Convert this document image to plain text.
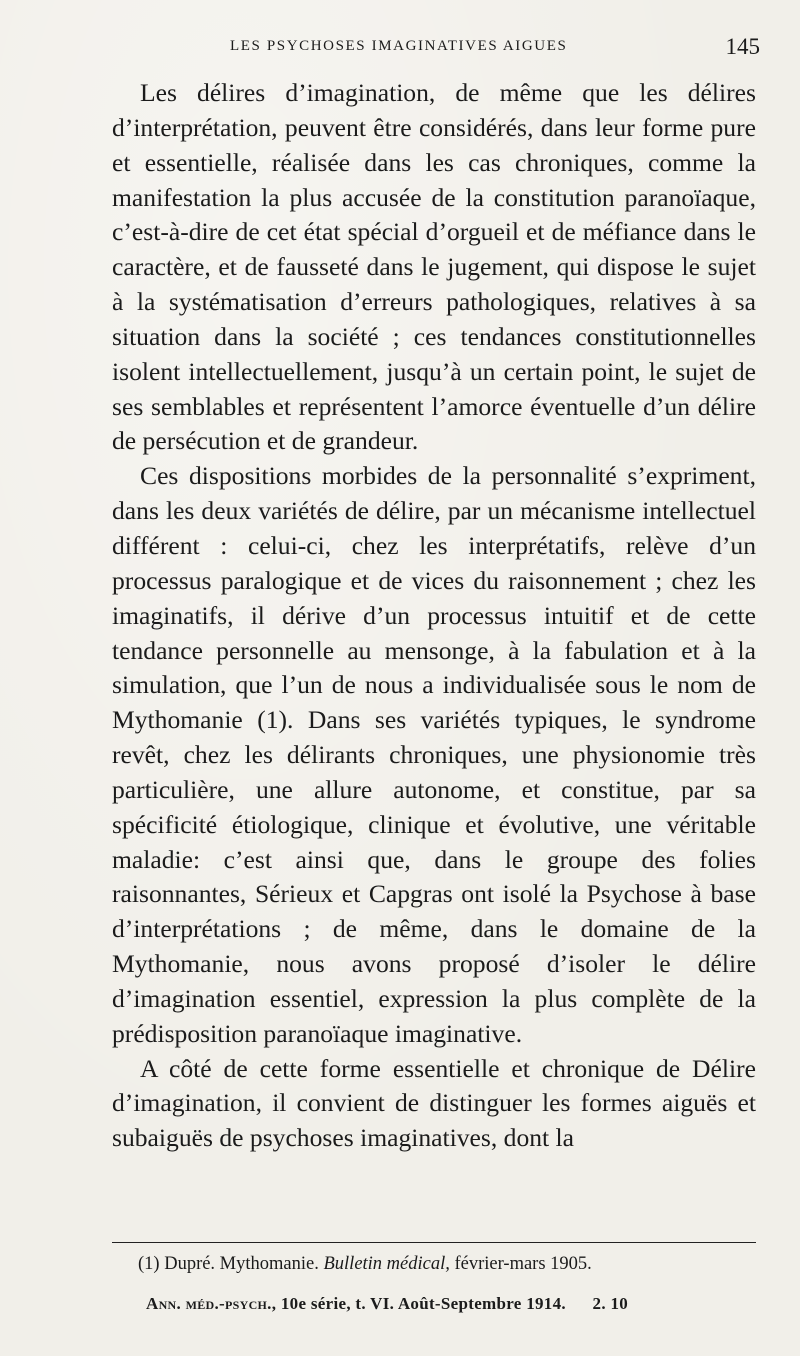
LES PSYCHOSES IMAGINATIVES AIGUES	145

Les délires d’imagination, de même que les délires d’interprétation, peuvent être considérés, dans leur forme pure et essentielle, réalisée dans les cas chroniques, comme la manifestation la plus accusée de la constitution paranoïaque, c’est-à-dire de cet état spécial d’orgueil et de méfiance dans le caractère, et de fausseté dans le jugement, qui dispose le sujet à la systématisation d’erreurs pathologiques, relatives à sa situation dans la société ; ces tendances constitutionnelles isolent intellectuellement, jusqu’à un certain point, le sujet de ses semblables et représentent l’amorce éventuelle d’un délire de persécution et de grandeur.

Ces dispositions morbides de la personnalité s’expriment, dans les deux variétés de délire, par un mécanisme intellectuel différent : celui-ci, chez les interprétatifs, relève d’un processus paralogique et de vices du raisonnement ; chez les imaginatifs, il dérive d’un processus intuitif et de cette tendance personnelle au mensonge, à la fabulation et à la simulation, que l’un de nous a individualisée sous le nom de Mythomanie (1). Dans ses variétés typiques, le syndrome revêt, chez les délirants chroniques, une physionomie très particulière, une allure autonome, et constitue, par sa spécificité étiologique, clinique et évolutive, une véritable maladie: c’est ainsi que, dans le groupe des folies raisonnantes, Sérieux et Capgras ont isolé la Psychose à base d’interprétations ; de même, dans le domaine de la Mythomanie, nous avons proposé d’isoler le délire d’imagination essentiel, expression la plus complète de la prédisposition paranoïaque imaginative.

A côté de cette forme essentielle et chronique de Délire d’imagination, il convient de distinguer les formes aiguës et subaiguës de psychoses imaginatives, dont la

(1) Dupré. Mythomanie. Bulletin médical, février-mars 1905.
Ann. méd.-psych., 10e série, t. VI. Août-Septembre 1914. 2. 10
